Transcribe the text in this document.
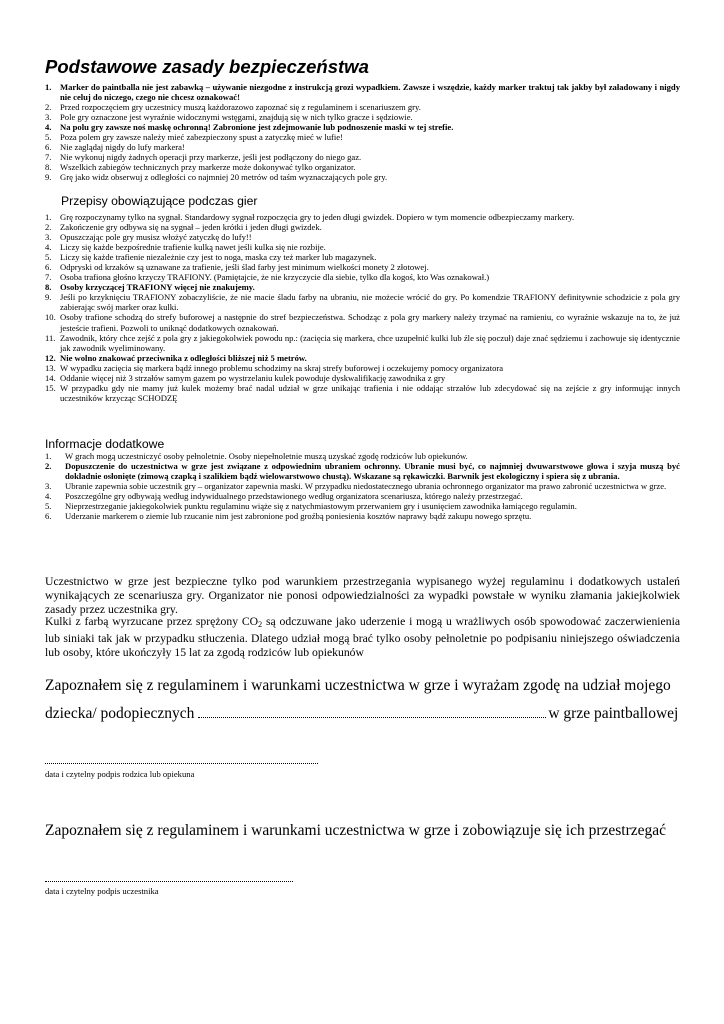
Podstawowe zasady bezpieczeństwa
1. Marker do paintballa nie jest zabawką – używanie niezgodne z instrukcją grozi wypadkiem. Zawsze i wszędzie, każdy marker traktuj tak jakby był załadowany i nigdy nie celuj do niczego, czego nie chcesz oznakować!
2. Przed rozpoczęciem gry uczestnicy muszą każdorazowo zapoznać się z regulaminem i scenariuszem gry.
3. Pole gry oznaczone jest wyraźnie widocznymi wstęgami, znajdują się w nich tylko gracze i sędziowie.
4. Na polu gry zawsze noś maskę ochronną! Zabronione jest zdejmowanie lub podnoszenie maski w tej strefie.
5. Poza polem gry zawsze należy mieć zabezpieczony spust a zatyczkę mieć w lufie!
6. Nie zaglądaj nigdy do lufy markera!
7. Nie wykonuj nigdy żadnych operacji przy markerze, jeśli jest podłączony do niego gaz.
8. Wszelkich zabiegów technicznych przy markerze może dokonywać tylko organizator.
9. Grę jako widz obserwuj z odległości co najmniej 20 metrów od taśm wyznaczających pole gry.
Przepisy obowiązujące podczas gier
1. Grę rozpoczynamy tylko na sygnał. Standardowy sygnał rozpoczęcia gry to jeden długi gwizdek. Dopiero w tym momencie odbezpieczamy markery.
2. Zakończenie gry odbywa się na sygnał – jeden krótki i jeden długi gwizdek.
3. Opuszczając pole gry musisz włożyć zatyczkę do lufy!!
4. Liczy się każde bezpośrednie trafienie kulką nawet jeśli kulka się nie rozbije.
5. Liczy się każde trafienie niezależnie czy jest to noga, maska czy też marker lub magazynek.
6. Odpryski od krzaków są uznawane za trafienie, jeśli ślad farby jest minimum wielkości monety 2 złotowej.
7. Osoba trafiona głośno krzyczy TRAFIONY. (Pamiętajcie, że nie krzyczycie dla siebie, tylko dla kogoś, kto Was oznakował.)
8. Osoby krzyczącej TRAFIONY więcej nie znakujemy.
9. Jeśli po krzyknięciu TRAFIONY zobaczyliście, że nie macie śladu farby na ubraniu, nie możecie wrócić do gry. Po komendzie TRAFIONY definitywnie schodzicie z pola gry zabierając swój marker oraz kulki.
10. Osoby trafione schodzą do strefy buforowej a następnie do stref bezpieczeństwa. Schodząc z pola gry markery należy trzymać na ramieniu, co wyraźnie wskazuje na to, że już jesteście trafieni. Pozwoli to uniknąć dodatkowych oznakowań.
11. Zawodnik, który chce zejść z pola gry z jakiegokolwiek powodu np.: (zacięcia się markera, chce uzupełnić kulki lub źle się poczuł) daje znać sędziemu i zachowuje się identycznie jak zawodnik wyeliminowany.
12. Nie wolno znakować przeciwnika z odległości bliższej niż 5 metrów.
13. W wypadku zacięcia się markera bądź innego problemu schodzimy na skraj strefy buforowej i oczekujemy pomocy organizatora
14. Oddanie więcej niż 3 strzałów samym gazem po wystrzelaniu kulek powoduje dyskwalifikację zawodnika z gry
15. W przypadku gdy nie mamy już kulek możemy brać nadal udział w grze unikając trafienia i nie oddając strzałów lub zdecydować się na zejście z gry informując innych uczestników krzycząc SCHODZĘ
Informacje dodatkowe
1. W grach mogą uczestniczyć osoby pełnoletnie. Osoby niepełnoletnie muszą uzyskać zgodę rodziców lub opiekunów.
2. Dopuszczenie do uczestnictwa w grze jest związane z odpowiednim ubraniem ochronny. Ubranie musi być, co najmniej dwuwarstwowe głowa i szyja muszą być dokładnie osłonięte (zimową czapką i szalikiem bądź wielowarstwowo chustą). Wskazane są rękawiczki. Barwnik jest ekologiczny i spiera się z ubrania.
3. Ubranie zapewnia sobie uczestnik gry – organizator zapewnia maski. W przypadku niedostatecznego ubrania ochronnego organizator ma prawo zabronić uczestnictwa w grze.
4. Poszczególne gry odbywają według indywidualnego przedstawionego według organizatora scenariusza, którego należy przestrzegać.
5. Nieprzestrzeganie jakiegokolwiek punktu regulaminu wiąże się z natychmiastowym przerwaniem gry i usunięciem zawodnika łamiącego regulamin.
6. Uderzanie markerem o ziemie lub rzucanie nim jest zabronione pod groźbą poniesienia kosztów naprawy bądź zakupu nowego sprzętu.

Uczestnictwo w grze jest bezpieczne tylko pod warunkiem przestrzegania wypisanego wyżej regulaminu i dodatkowych ustaleń wynikających ze scenariusza gry. Organizator nie ponosi odpowiedzialności za wypadki powstałe w wyniku złamania jakiejkolwiek zasady przez uczestnika gry.

Kulki z farbą wyrzucane przez sprężony $CO_2$ są odczuwane jako uderzenie i mogą u wrażliwych osób spowodować zaczerwienienia lub siniaki tak jak w przypadku stłuczenia. Dlatego udział mogą brać tylko osoby pełnoletnie po podpisaniu niniejszego oświadczenia lub osoby, które ukończyły 15 lat za zgodą rodziców lub opiekunów

Zapoznałem się z regulaminem i warunkami uczestnictwa w grze i wyrażam zgodę na udział mojego

dziecka/ podopiecznych	w grze paintballowej

data i czytelny podpis rodzica lub opiekuna

Zapoznałem się z regulaminem i warunkami uczestnictwa w grze i zobowiązuje się ich przestrzegać

data i czytelny podpis uczestnika
